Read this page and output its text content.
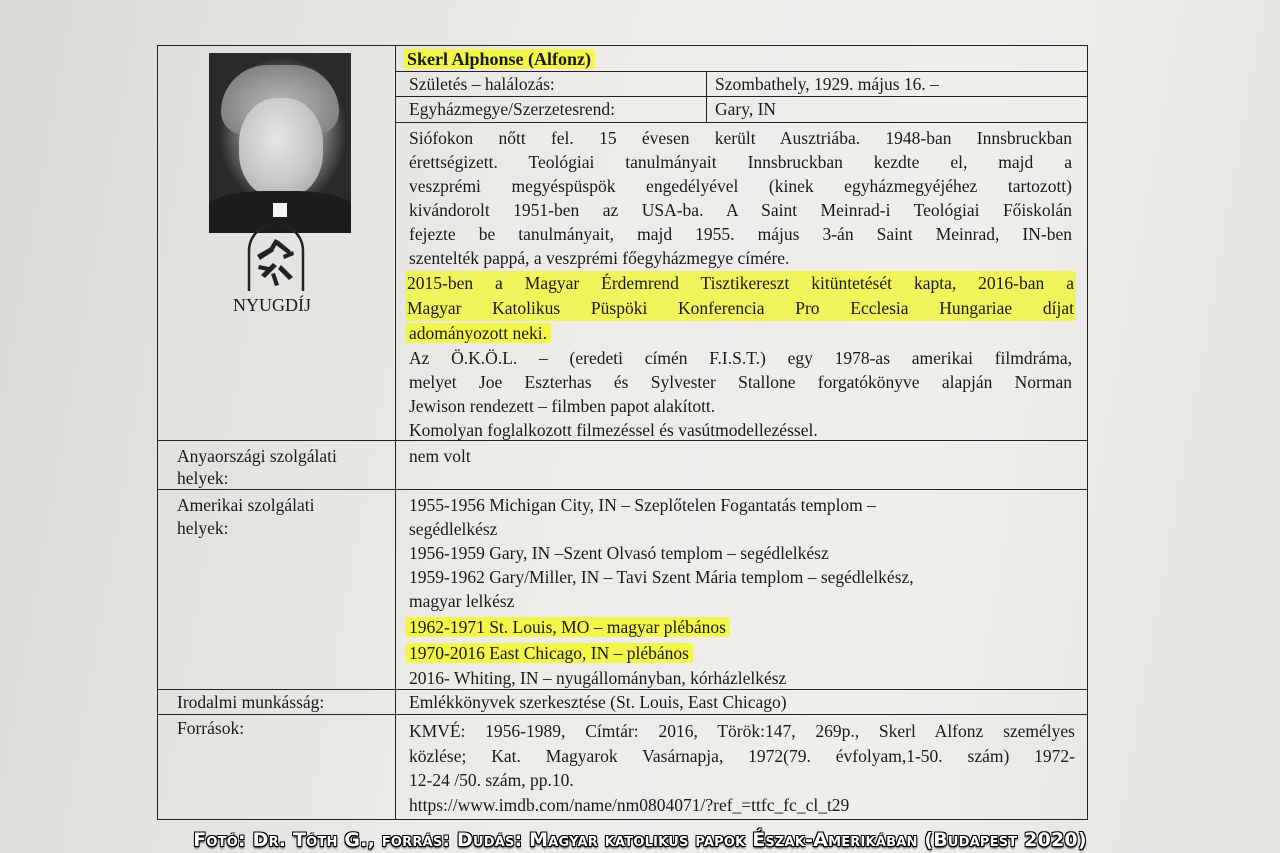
NYUGDÍJ
Skerl Alphonse (Alfonz)
Születés – halálozás:	Szombathely, 1929. május 16. –
Egyházmegye/Szerzetesrend:	Gary, IN
Siófokon nőtt fel. 15 évesen került Ausztriába. 1948-ban Innsbruckban
érettségizett. Teológiai tanulmányait Innsbruckban kezdte el, majd a
veszprémi megyéspüspök engedélyével (kinek egyházmegyéjéhez tartozott)
kivándorolt 1951-ben az USA-ba. A Saint Meinrad-i Teológiai Főiskolán
fejezte be tanulmányait, majd 1955. május 3-án Saint Meinrad, IN-ben
szentelték pappá, a veszprémi főegyházmegye címére.
2015-ben a Magyar Érdemrend Tisztikereszt kitüntetését kapta, 2016-ban a
Magyar Katolikus Püspöki Konferencia Pro Ecclesia Hungariae díjat
adományozott neki.
Az Ö.K.Ö.L. – (eredeti címén F.I.S.T.) egy 1978-as amerikai filmdráma,
melyet Joe Eszterhas és Sylvester Stallone forgatókönyve alapján Norman
Jewison rendezett – filmben papot alakított.
Komolyan foglalkozott filmezéssel és vasútmodellezéssel.
Anyaországi szolgálati
helyek:
nem volt
Amerikai szolgálati
helyek:
1955-1956 Michigan City, IN – Szeplőtelen Fogantatás templom –
segédlelkész
1956-1959 Gary, IN –Szent Olvasó templom – segédlelkész
1959-1962 Gary/Miller, IN – Tavi Szent Mária templom – segédlelkész,
magyar lelkész
1962-1971 St. Louis, MO – magyar plébános
1970-2016 East Chicago, IN – plébános
2016- Whiting, IN – nyugállományban, kórházlelkész
Irodalmi munkásság:	Emlékkönyvek szerkesztése (St. Louis, East Chicago)
Források:	KMVÉ: 1956-1989, Címtár: 2016, Török:147, 269p., Skerl Alfonz személyes
közlése; Kat. Magyarok Vasárnapja, 1972(79. évfolyam,1-50. szám) 1972-
12-24 /50. szám, pp.10.
https://www.imdb.com/name/nm0804071/?ref_=ttfc_fc_cl_t29
Fotó: Dr. Tóth G., forrás: Dudás: Magyar katolikus papok Észak-Amerikában (Budapest 2020)
